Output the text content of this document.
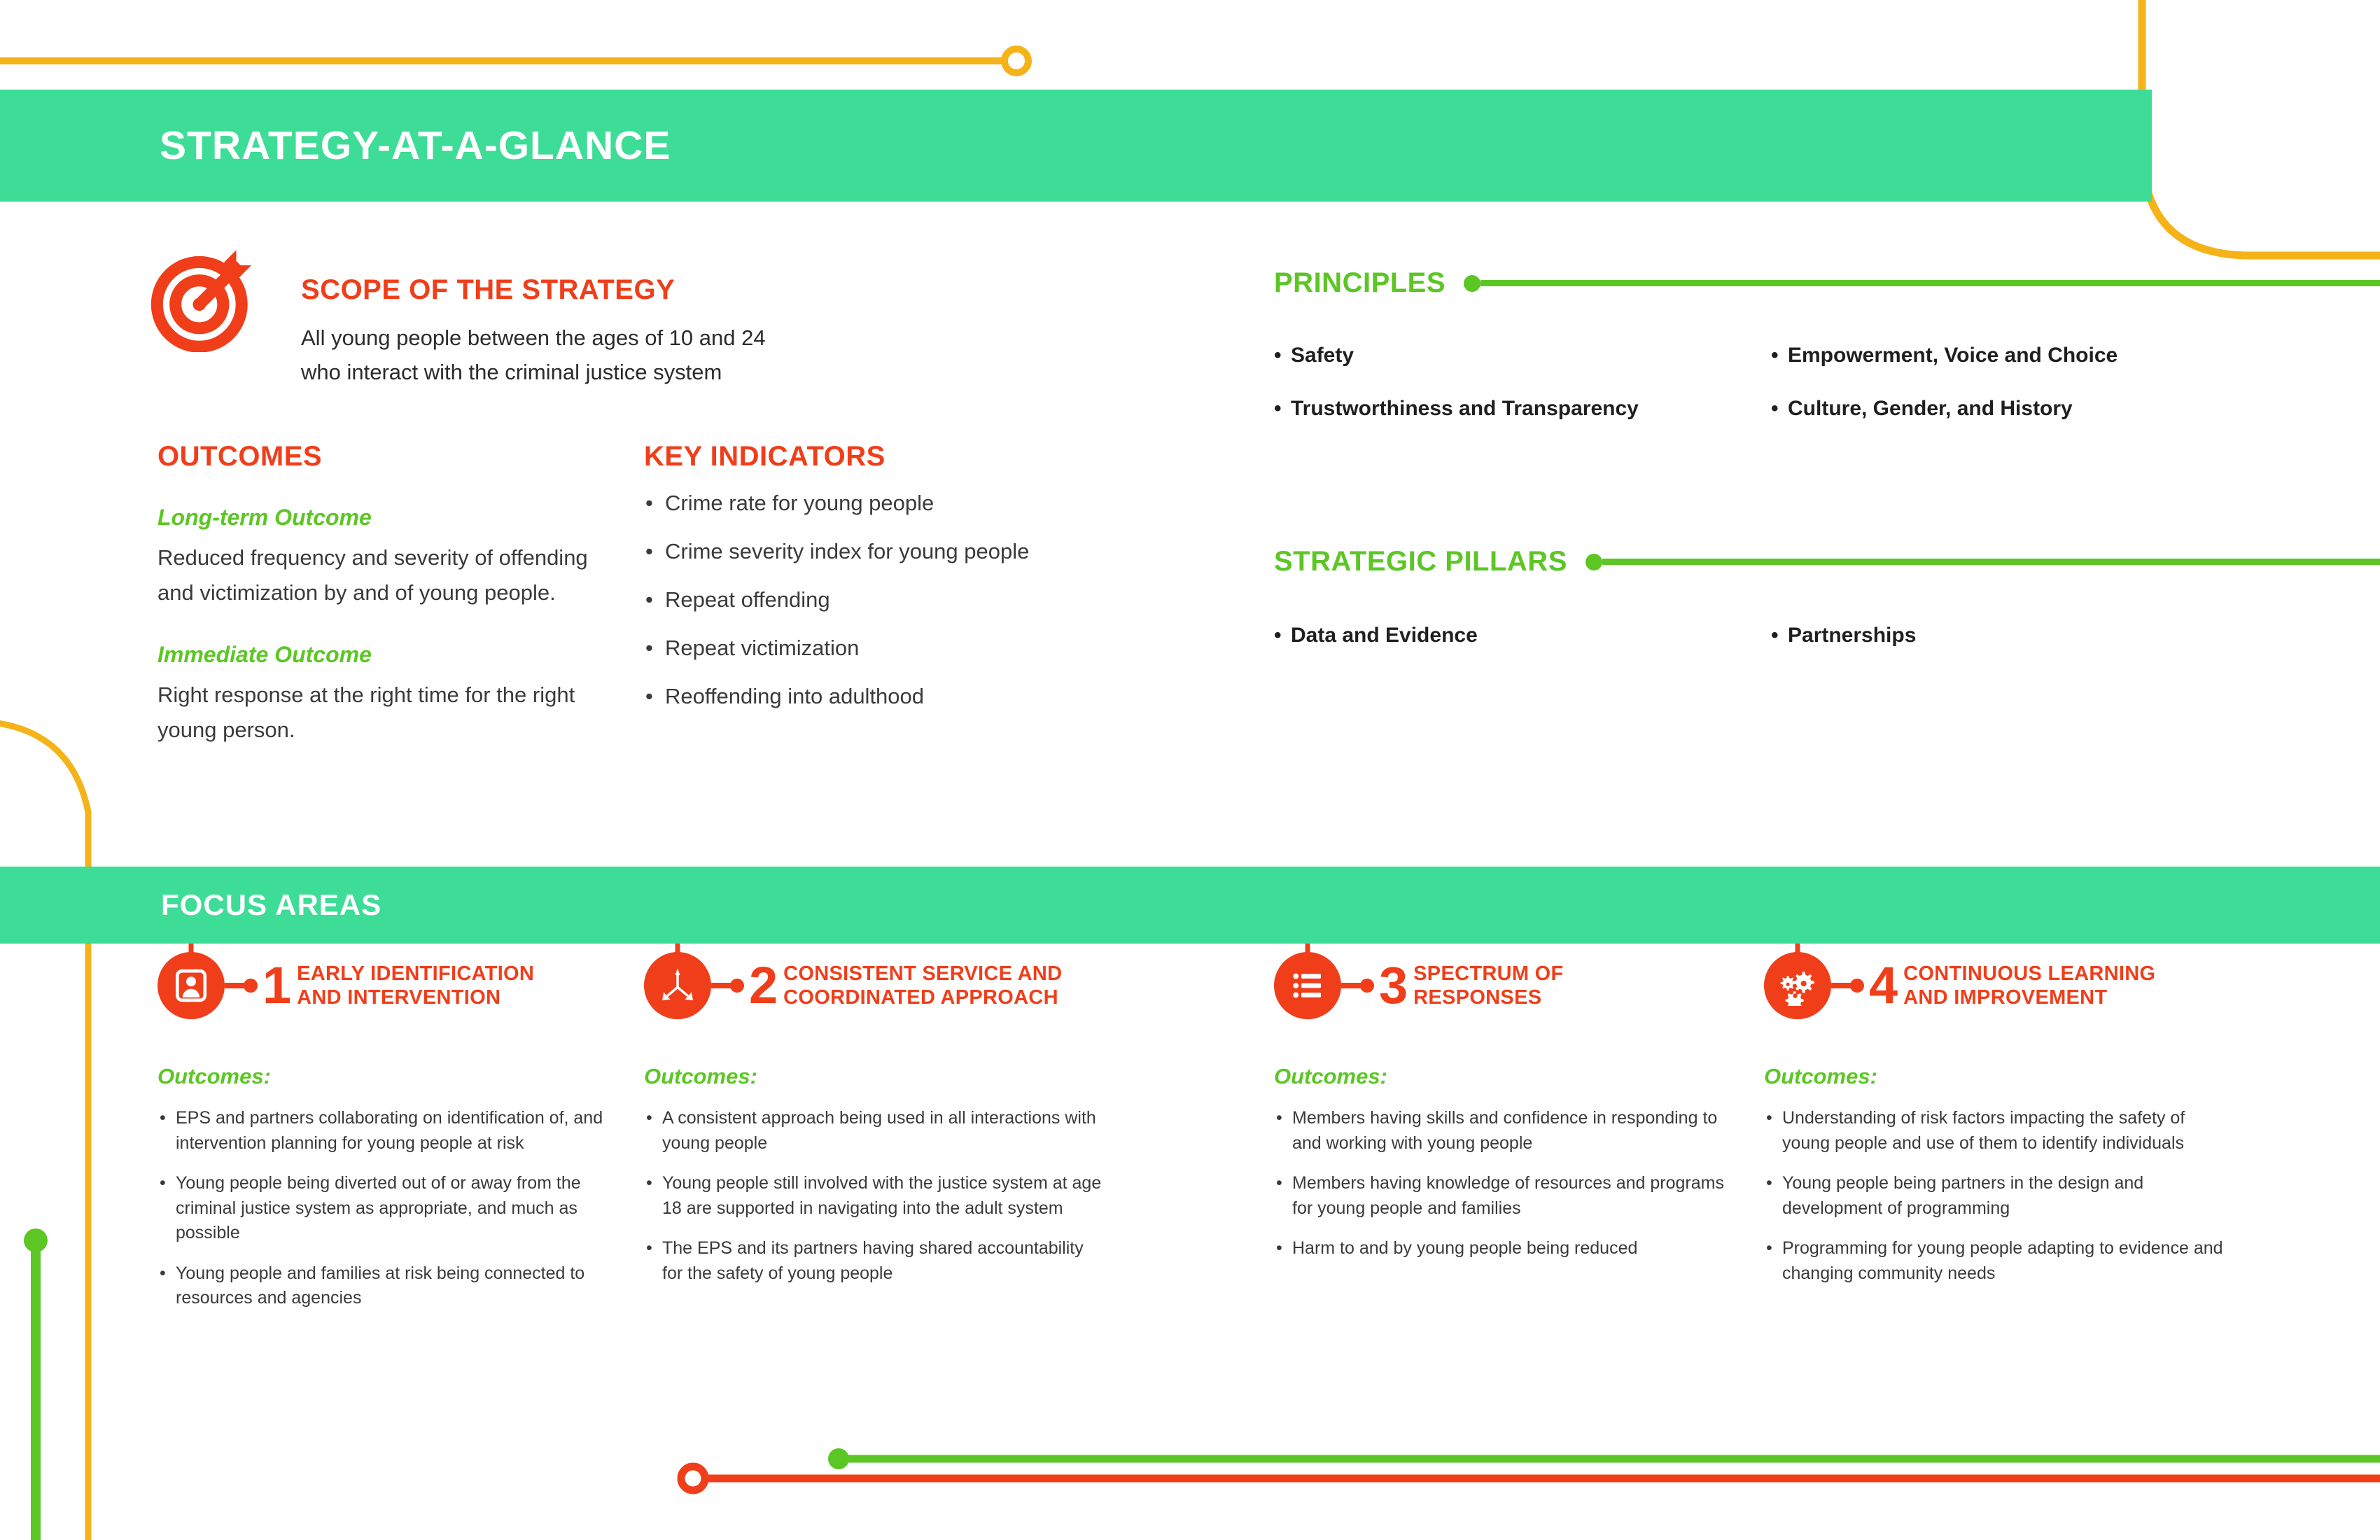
STRATEGY-AT-A-GLANCE
SCOPE OF THE STRATEGY
All young people between the ages of 10 and 24
who interact with the criminal justice system
OUTCOMES
Long-term Outcome
Reduced frequency and severity of offending and victimization by and of young people.
Immediate Outcome
Right response at the right time for the right young person.
KEY INDICATORS
• Crime rate for young people
• Crime severity index for young people
• Repeat offending
• Repeat victimization
• Reoffending into adulthood
PRINCIPLES
• Safety
• Trustworthiness and Transparency
• Empowerment, Voice and Choice
• Culture, Gender, and History
STRATEGIC PILLARS
• Data and Evidence	• Partnerships
FOCUS AREAS
1 EARLY IDENTIFICATION
AND INTERVENTION
Outcomes:
• EPS and partners collaborating on identification of, and intervention planning for young people at risk
• Young people being diverted out of or away from the criminal justice system as appropriate, and much as possible
• Young people and families at risk being connected to resources and agencies
2 CONSISTENT SERVICE AND
COORDINATED APPROACH
Outcomes:
• A consistent approach being used in all interactions with young people
• Young people still involved with the justice system at age 18 are supported in navigating into the adult system
• The EPS and its partners having shared accountability for the safety of young people
3 SPECTRUM OF
RESPONSES
Outcomes:
• Members having skills and confidence in responding to and working with young people
• Members having knowledge of resources and programs for young people and families
• Harm to and by young people being reduced
4 CONTINUOUS LEARNING
AND IMPROVEMENT
Outcomes:
• Understanding of risk factors impacting the safety of young people and use of them to identify individuals
• Young people being partners in the design and development of programming
• Programming for young people adapting to evidence and changing community needs
